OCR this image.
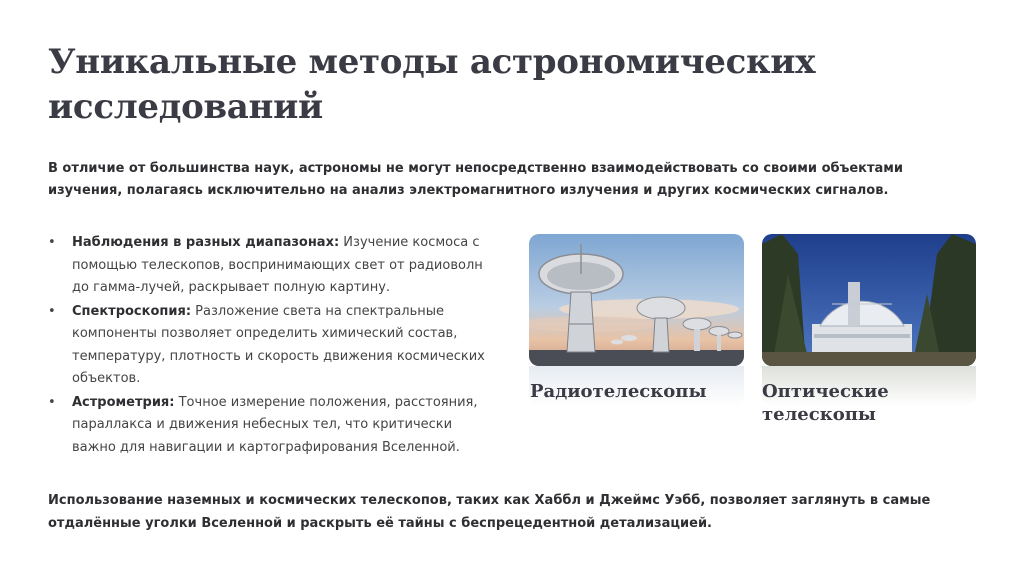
Уникальные методы астрономических исследований

В отличие от большинства наук, астрономы не могут непосредственно взаимодействовать со своими объектами изучения, полагаясь исключительно на анализ электромагнитного излучения и других космических сигналов.

• Наблюдения в разных диапазонах: Изучение космоса с помощью телескопов, воспринимающих свет от радиоволн до гамма-лучей, раскрывает полную картину.
• Спектроскопия: Разложение света на спектральные компоненты позволяет определить химический состав, температуру, плотность и скорость движения космических объектов.
• Астрометрия: Точное измерение положения, расстояния, параллакса и движения небесных тел, что критически важно для навигации и картографирования Вселенной.
Радиотелескопы	Оптические телескопы

Использование наземных и космических телескопов, таких как Хаббл и Джеймс Уэбб, позволяет заглянуть в самые отдалённые уголки Вселенной и раскрыть её тайны с беспрецедентной детализацией.
